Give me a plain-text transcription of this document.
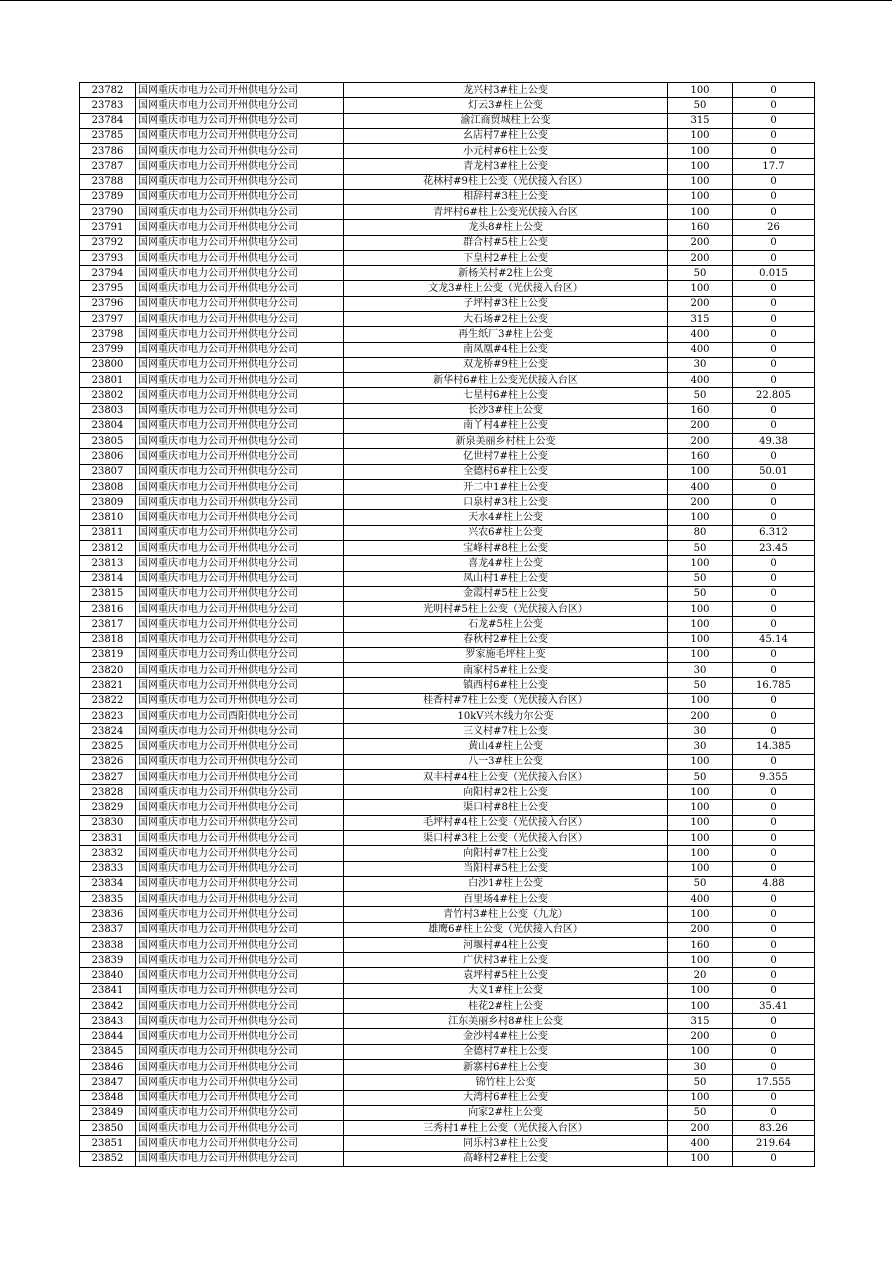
23782	国网重庆市电力公司开州供电分公司	龙兴村3#柱上公变	100	0
23783	国网重庆市电力公司开州供电分公司	灯云3#柱上公变	50	0
23784	国网重庆市电力公司开州供电分公司	渝江商贸城柱上公变	315	0
23785	国网重庆市电力公司开州供电分公司	幺店村7#柱上公变	100	0
23786	国网重庆市电力公司开州供电分公司	小元村#6柱上公变	100	0
23787	国网重庆市电力公司开州供电分公司	青龙村3#柱上公变	100	17.7
23788	国网重庆市电力公司开州供电分公司	花林村#9柱上公变（光伏接入台区）	100	0
23789	国网重庆市电力公司开州供电分公司	相辞村#3柱上公变	100	0
23790	国网重庆市电力公司开州供电分公司	青坪村6#柱上公变光伏接入台区	100	0
23791	国网重庆市电力公司开州供电分公司	龙头8#柱上公变	160	26
23792	国网重庆市电力公司开州供电分公司	群合村#5柱上公变	200	0
23793	国网重庆市电力公司开州供电分公司	下皇村2#柱上公变	200	0
23794	国网重庆市电力公司开州供电分公司	新杨关村#2柱上公变	50	0.015
23795	国网重庆市电力公司开州供电分公司	文龙3#柱上公变（光伏接入台区）	100	0
23796	国网重庆市电力公司开州供电分公司	子坪村#3柱上公变	200	0
23797	国网重庆市电力公司开州供电分公司	大石场#2柱上公变	315	0
23798	国网重庆市电力公司开州供电分公司	再生纸厂3#柱上公变	400	0
23799	国网重庆市电力公司开州供电分公司	南凤凰#4柱上公变	400	0
23800	国网重庆市电力公司开州供电分公司	双龙桥#9柱上公变	30	0
23801	国网重庆市电力公司开州供电分公司	新华村6#柱上公变光伏接入台区	400	0
23802	国网重庆市电力公司开州供电分公司	七星村6#柱上公变	50	22.805
23803	国网重庆市电力公司开州供电分公司	长沙3#柱上公变	160	0
23804	国网重庆市电力公司开州供电分公司	南丫村4#柱上公变	200	0
23805	国网重庆市电力公司开州供电分公司	新泉美丽乡村柱上公变	200	49.38
23806	国网重庆市电力公司开州供电分公司	亿世村7#柱上公变	160	0
23807	国网重庆市电力公司开州供电分公司	全德村6#柱上公变	100	50.01
23808	国网重庆市电力公司开州供电分公司	开二中1#柱上公变	400	0
23809	国网重庆市电力公司开州供电分公司	口泉村#3柱上公变	200	0
23810	国网重庆市电力公司开州供电分公司	天水4#柱上公变	100	0
23811	国网重庆市电力公司开州供电分公司	兴农6#柱上公变	80	6.312
23812	国网重庆市电力公司开州供电分公司	宝峰村#8柱上公变	50	23.45
23813	国网重庆市电力公司开州供电分公司	喜龙4#柱上公变	100	0
23814	国网重庆市电力公司开州供电分公司	凤山村1#柱上公变	50	0
23815	国网重庆市电力公司开州供电分公司	金霞村#5柱上公变	50	0
23816	国网重庆市电力公司开州供电分公司	光明村#5柱上公变（光伏接入台区）	100	0
23817	国网重庆市电力公司开州供电分公司	石龙#5柱上公变	100	0
23818	国网重庆市电力公司开州供电分公司	春秋村2#柱上公变	100	45.14
23819	国网重庆市电力公司秀山供电分公司	罗家施毛坪柱上变	100	0
23820	国网重庆市电力公司开州供电分公司	南家村5#柱上公变	30	0
23821	国网重庆市电力公司开州供电分公司	镇西村6#柱上公变	50	16.785
23822	国网重庆市电力公司开州供电分公司	桂香村#7柱上公变（光伏接入台区）	100	0
23823	国网重庆市电力公司酉阳供电分公司	10kV兴木线力尔公变	200	0
23824	国网重庆市电力公司开州供电分公司	三义村#7柱上公变	30	0
23825	国网重庆市电力公司开州供电分公司	黄山4#柱上公变	30	14.385
23826	国网重庆市电力公司开州供电分公司	八一3#柱上公变	100	0
23827	国网重庆市电力公司开州供电分公司	双丰村#4柱上公变（光伏接入台区）	50	9.355
23828	国网重庆市电力公司开州供电分公司	向阳村#2柱上公变	100	0
23829	国网重庆市电力公司开州供电分公司	渠口村#8柱上公变	100	0
23830	国网重庆市电力公司开州供电分公司	毛坪村#4柱上公变（光伏接入台区）	100	0
23831	国网重庆市电力公司开州供电分公司	渠口村#3柱上公变（光伏接入台区）	100	0
23832	国网重庆市电力公司开州供电分公司	向阳村#7柱上公变	100	0
23833	国网重庆市电力公司开州供电分公司	当阳村#5柱上公变	100	0
23834	国网重庆市电力公司开州供电分公司	白沙1#柱上公变	50	4.88
23835	国网重庆市电力公司开州供电分公司	百里场4#柱上公变	400	0
23836	国网重庆市电力公司开州供电分公司	青竹村3#柱上公变（九龙）	100	0
23837	国网重庆市电力公司开州供电分公司	雄鹰6#柱上公变（光伏接入台区）	200	0
23838	国网重庆市电力公司开州供电分公司	河堰村#4柱上公变	160	0
23839	国网重庆市电力公司开州供电分公司	广伏村3#柱上公变	100	0
23840	国网重庆市电力公司开州供电分公司	袁坪村#5柱上公变	20	0
23841	国网重庆市电力公司开州供电分公司	大义1#柱上公变	100	0
23842	国网重庆市电力公司开州供电分公司	桂花2#柱上公变	100	35.41
23843	国网重庆市电力公司开州供电分公司	江东美丽乡村8#柱上公变	315	0
23844	国网重庆市电力公司开州供电分公司	金沙村4#柱上公变	200	0
23845	国网重庆市电力公司开州供电分公司	全德村7#柱上公变	100	0
23846	国网重庆市电力公司开州供电分公司	新寨村6#柱上公变	30	0
23847	国网重庆市电力公司开州供电分公司	锦竹柱上公变	50	17.555
23848	国网重庆市电力公司开州供电分公司	大湾村6#柱上公变	100	0
23849	国网重庆市电力公司开州供电分公司	向家2#柱上公变	50	0
23850	国网重庆市电力公司开州供电分公司	三秀村1#柱上公变（光伏接入台区）	200	83.26
23851	国网重庆市电力公司开州供电分公司	同乐村3#柱上公变	400	219.64
23852	国网重庆市电力公司开州供电分公司	高峰村2#柱上公变	100	0
